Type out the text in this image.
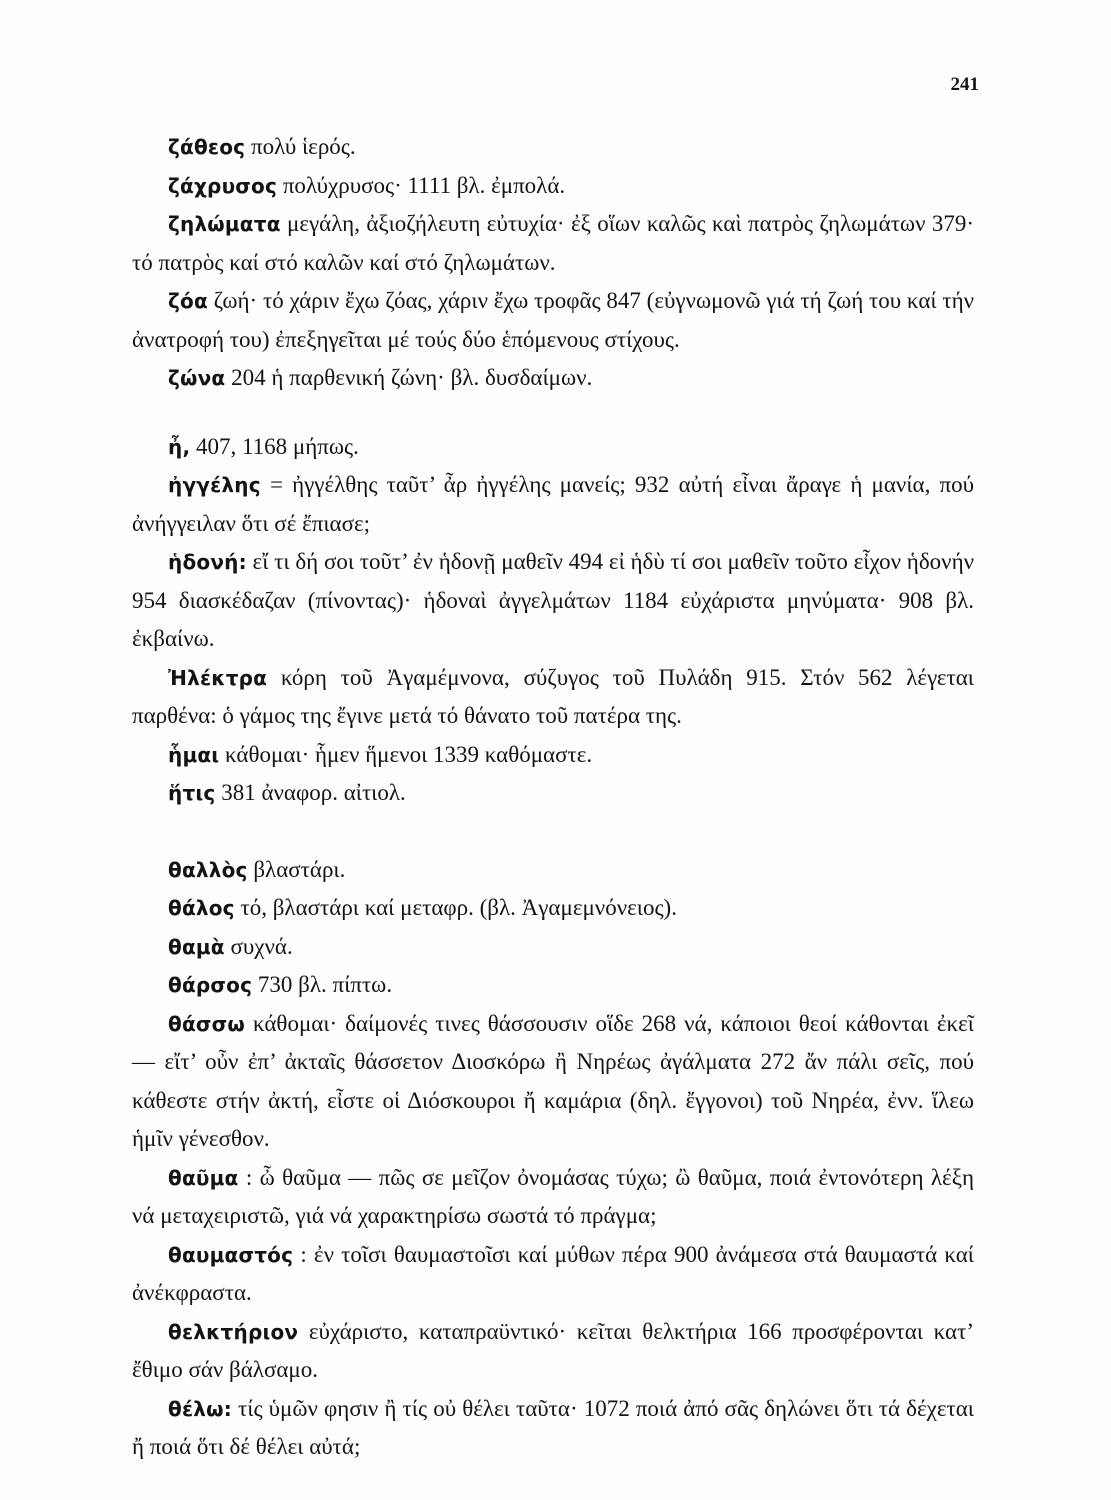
241

ζάθεος πολύ ἱερός.

ζάχρυσος πολύχρυσος· 1111 βλ. ἐμπολά.

ζηλώματα μεγάλη, ἀξιοζήλευτη εὐτυχία· ἐξ οἵων καλῶς καὶ πατρὸς ζηλωμάτων 379· τό πατρὸς καί στό καλῶν καί στό ζηλωμάτων.

ζόα ζωή· τό χάριν ἔχω ζόας, χάριν ἔχω τροφᾶς 847 (εὐγνωμονῶ γιά τή ζωή του καί τήν ἀνατροφή του) ἐπεξηγεῖται μέ τούς δύο ἑπόμενους στίχους.

ζώνα 204 ἡ παρθενική ζώνη· βλ. δυσδαίμων.

ἦ, 407, 1168 μήπως.

ἠγγέλης = ἠγγέλθης ταῦτ’ ἆρ ἠγγέλης μανείς; 932 αὐτή εἶναι ἄραγε ἡ μανία, πού ἀνήγγειλαν ὅτι σέ ἔπιασε;

ἡδονή: εἴ τι δή σοι τοῦτ’ ἐν ἡδονῇ μαθεῖν 494 εἰ ἡδὺ τί σοι μαθεῖν τοῦτο εἶχον ἡδονήν 954 διασκέδαζαν (πίνοντας)· ἡδοναὶ ἀγγελμάτων 1184 εὐχάριστα μηνύματα· 908 βλ. ἐκβαίνω.

Ἠλέκτρα κόρη τοῦ Ἀγαμέμνονα, σύζυγος τοῦ Πυλάδη 915. Στόν 562 λέγεται παρθένα: ὁ γάμος της ἔγινε μετά τό θάνατο τοῦ πατέρα της.

ἧμαι κάθομαι· ἧμεν ἥμενοι 1339 καθόμαστε.

ἥτις 381 ἀναφορ. αἰτιολ.

θαλλὸς βλαστάρι.

θάλος τό, βλαστάρι καί μεταφρ. (βλ. Ἀγαμεμνόνειος).

θαμὰ συχνά.

θάρσος 730 βλ. πίπτω.

θάσσω κάθομαι· δαίμονές τινες θάσσουσιν οἵδε 268 νά, κάποιοι θεοί κάθονται ἐκεῖ — εἴτ’ οὖν ἐπ’ ἀκταῖς θάσσετον Διοσκόρω ἢ Νηρέως ἀγάλματα 272 ἄν πάλι σεῖς, πού κάθεστε στήν ἀκτή, εἶστε οἱ Διόσκουροι ἤ καμάρια (δηλ. ἔγγονοι) τοῦ Νηρέα, ἐνν. ἵλεω ἡμῖν γένεσθον.

θαῦμα : ὦ θαῦμα — πῶς σε μεῖζον ὀνομάσας τύχω; ὢ θαῦμα, ποιά ἐντονότερη λέξη νά μεταχειριστῶ, γιά νά χαρακτηρίσω σωστά τό πράγμα;

θαυμαστός : ἐν τοῖσι θαυμαστοῖσι καί μύθων πέρα 900 ἀνάμεσα στά θαυμαστά καί ἀνέκφραστα.

θελκτήριον εὐχάριστο, καταπραϋντικό· κεῖται θελκτήρια 166 προσφέρονται κατ’ ἔθιμο σάν βάλσαμο.

θέλω: τίς ὑμῶν φησιν ἢ τίς οὐ θέλει ταῦτα· 1072 ποιά ἀπό σᾶς δηλώνει ὅτι τά δέχεται ἤ ποιά ὅτι δέ θέλει αὐτά;
